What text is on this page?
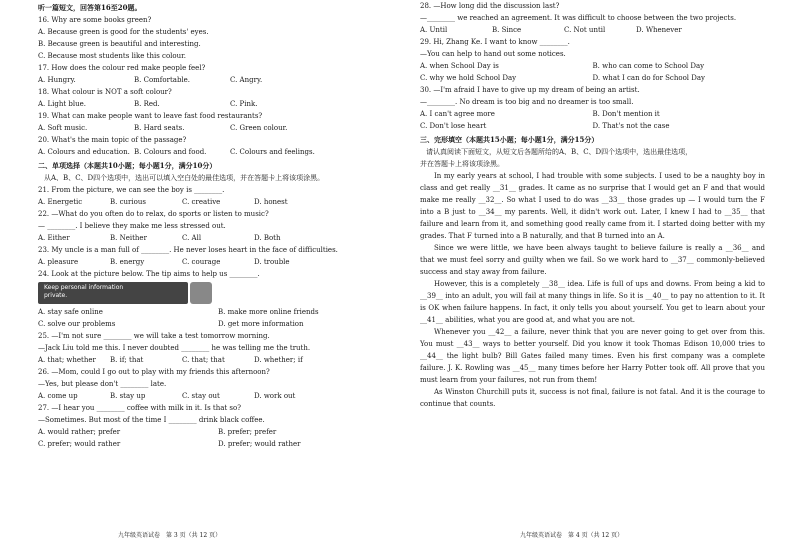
听一篇短文，回答第16至20题。
16. Why are some books green?
A. Because green is good for the students' eyes.
B. Because green is beautiful and interesting.
C. Because most students like this colour.
17. How does the colour red make people feel?
A. Hungry.	B. Comfortable.	C. Angry.
18. What colour is NOT a soft colour?
A. Light blue.	B. Red.	C. Pink.
19. What can make people want to leave fast food restaurants?
A. Soft music.	B. Hard seats.	C. Green colour.
20. What's the main topic of the passage?
A. Colours and education. B. Colours and food.	C. Colours and feelings.
二、单项选择（本题共10小题；每小题1分，满分10分）
从A、B、C、D四个选项中，选出可以填入空白处的最佳选项，并在答题卡上将该项涂黑。
21. From the picture, we can see the boy is ________.
A. Energetic	B. curious	C. creative	D. honest
22. —What do you often do to relax, do sports or listen to music?
— ________. I believe they make me less stressed out.
A. Either	B. Neither	C. All	D. Both
23. My uncle is a man full of ________. He never loses heart in the face of difficulties.
A. pleasure	B. energy	C. courage	D. trouble
24. Look at the picture below. The tip aims to help us ________.
Keep personal information
private.
A. stay safe online	B. make more online friends
C. solve our problems	D. get more information
25. —I'm not sure ________ we will take a test tomorrow morning.
—Jack Liu told me this. I never doubted ________ he was telling me the truth.
A. that; whether	B. if; that	C. that; that	D. whether; if
26. —Mom, could I go out to play with my friends this afternoon?
—Yes, but please don't ________ late.
A. come up	B. stay up	C. stay out	D. work out
27. —I hear you ________ coffee with milk in it. Is that so?
—Sometimes. But most of the time I ________ drink black coffee.
A. would rather; prefer	B. prefer; prefer
C. prefer; would rather	D. prefer; would rather
九年级英语试卷　第 3 页（共 12 页）
28. —How long did the discussion last?
—________ we reached an agreement. It was difficult to choose between the two projects.
A. Until	B. Since	C. Not until	D. Whenever
29. Hi, Zhang Ke. I want to know ________.
—You can help to hand out some notices.
A. when School Day is	B. who can come to School Day
C. why we hold School Day	D. what I can do for School Day
30. —I'm afraid I have to give up my dream of being an artist.
—________. No dream is too big and no dreamer is too small.
A. I can't agree more	B. Don't mention it
C. Don't lose heart	D. That's not the case
三、完形填空（本题共15小题；每小题1分，满分15分）
请认真阅读下面短文，从短文后各题所给的A、B、C、D四个选项中，选出最佳选项，
并在答题卡上将该项涂黑。
In my early years at school, I had trouble with some subjects. I used to be a naughty boy in class and get really __31__ grades. It came as no surprise that I would get an F and that would make me really __32__. So what I used to do was __33__ those grades up — I would turn the F into a B just to __34__ my parents. Well, it didn't work out. Later, I knew I had to __35__ that failure and learn from it, and something good really came from it. I started doing better with my grades. That F turned into a B naturally, and that B turned into an A.
Since we were little, we have been always taught to believe failure is really a __36__ and that we must feel sorry and guilty when we fail. So we work hard to __37__ commonly-believed success and stay away from failure.
However, this is a completely __38__ idea. Life is full of ups and downs. From being a kid to __39__ into an adult, you will fail at many things in life. So it is __40__ to pay no attention to it. It is OK when failure happens. In fact, it only tells you about yourself. You get to learn about your __41__ abilities, what you are good at, and what you are not.
Whenever you __42__ a failure, never think that you are never going to get over from this. You must __43__ ways to better yourself. Did you know it took Thomas Edison 10,000 tries to __44__ the light bulb? Bill Gates failed many times. Even his first company was a complete failure. J. K. Rowling was __45__ many times before her Harry Potter took off. All prove that you must learn from your failures, not run from them!
As Winston Churchill puts it, success is not final, failure is not fatal. And it is the courage to continue that counts.
九年级英语试卷　第 4 页（共 12 页）
